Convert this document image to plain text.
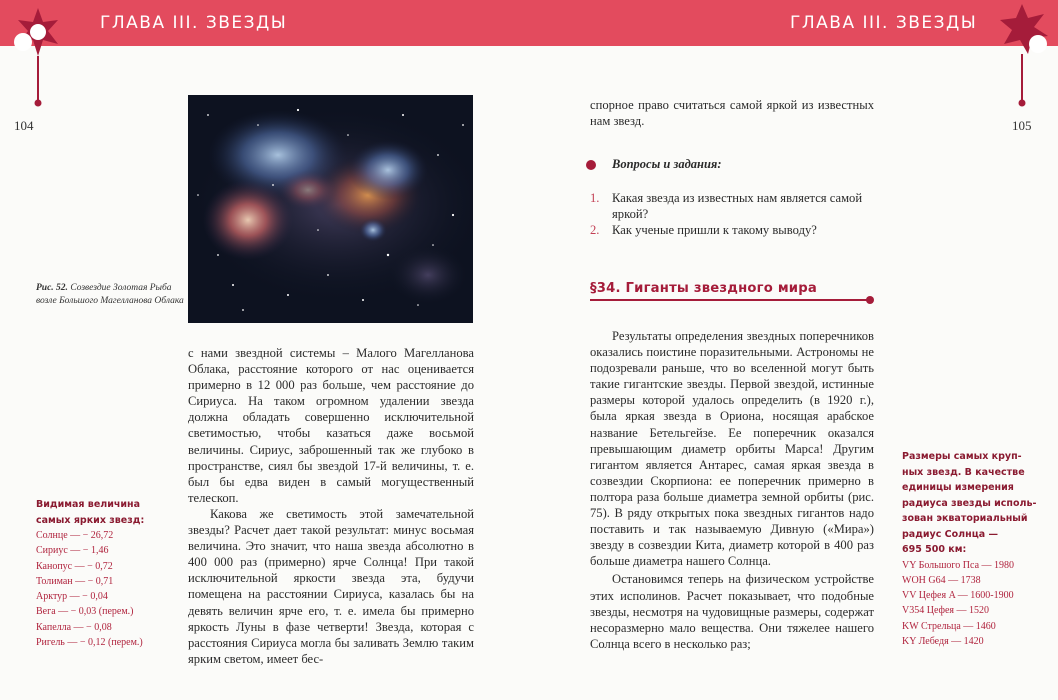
ГЛАВА III. ЗВЕЗДЫ	ГЛАВА III. ЗВЕЗДЫ
104	105
Рис. 52. Созвездие Золотая Рыба возле Большого Магелланова Облака

с нами звездной системы – Малого Магелланова Облака, расстояние которого от нас оценивается примерно в 12 000 раз больше, чем расстояние до Сириуса. На таком огромном удалении звезда должна обладать совершенно исключительной светимостью, чтобы казаться даже восьмой величины. Сириус, заброшенный так же глубоко в пространстве, сиял бы звездой 17-й величины, т. е. был бы едва виден в самый могущественный телескоп.

Какова же светимость этой замечательной звезды? Расчет дает такой результат: минус восьмая величина. Это значит, что наша звезда абсолютно в 400 000 раз (примерно) ярче Солнца! При такой исключительной яркости звезда эта, будучи помещена на расстоянии Сириуса, казалась бы на девять величин ярче его, т. е. имела бы примерно яркость Луны в фазе четверти! Звезда, которая с расстояния Сириуса могла бы заливать Землю таким ярким светом, имеет бес-

Видимая величина
самых ярких звезд:
Солнце — − 26,72
Сириус — − 1,46
Канопус — − 0,72
Толиман — − 0,71
Арктур — − 0,04
Вега — − 0,03 (перем.)
Капелла — − 0,08
Ригель — − 0,12 (перем.)
спорное право считаться самой яркой из известных нам звезд.
Вопросы и задания:
1. Какая звезда из известных нам является самой яркой?
2. Как ученые пришли к такому выводу?
§34. Гиганты звездного мира

Результаты определения звездных поперечников оказались поистине поразительными. Астрономы не подозревали раньше, что во вселенной могут быть такие гигантские звезды. Первой звездой, истинные размеры которой удалось определить (в 1920 г.), была яркая звезда в Ориона, носящая арабское название Бетельгейзе. Ее поперечник оказался превышающим диаметр орбиты Марса! Другим гигантом является Антарес, самая яркая звезда в созвездии Скорпиона: ее поперечник примерно в полтора раза больше диаметра земной орбиты (рис. 75). В ряду открытых пока звездных гигантов надо поставить и так называемую Дивную («Мира») звезду в созвездии Кита, диаметр которой в 400 раз больше диаметра нашего Солнца.

Остановимся теперь на физическом устройстве этих исполинов. Расчет показывает, что подобные звезды, несмотря на чудовищные размеры, содержат несоразмерно мало вещества. Они тяжелее нашего Солнца всего в несколько раз;

Размеры самых круп-
ных звезд. В качестве
единицы измерения
радиуса звезды исполь-
зован экваториальный
радиус Солнца —
695 500 км:
VY Большого Пса — 1980
WOH G64 — 1738
VV Цефея A — 1600-1900
V354 Цефея — 1520
KW Стрельца — 1460
KY Лебедя — 1420
